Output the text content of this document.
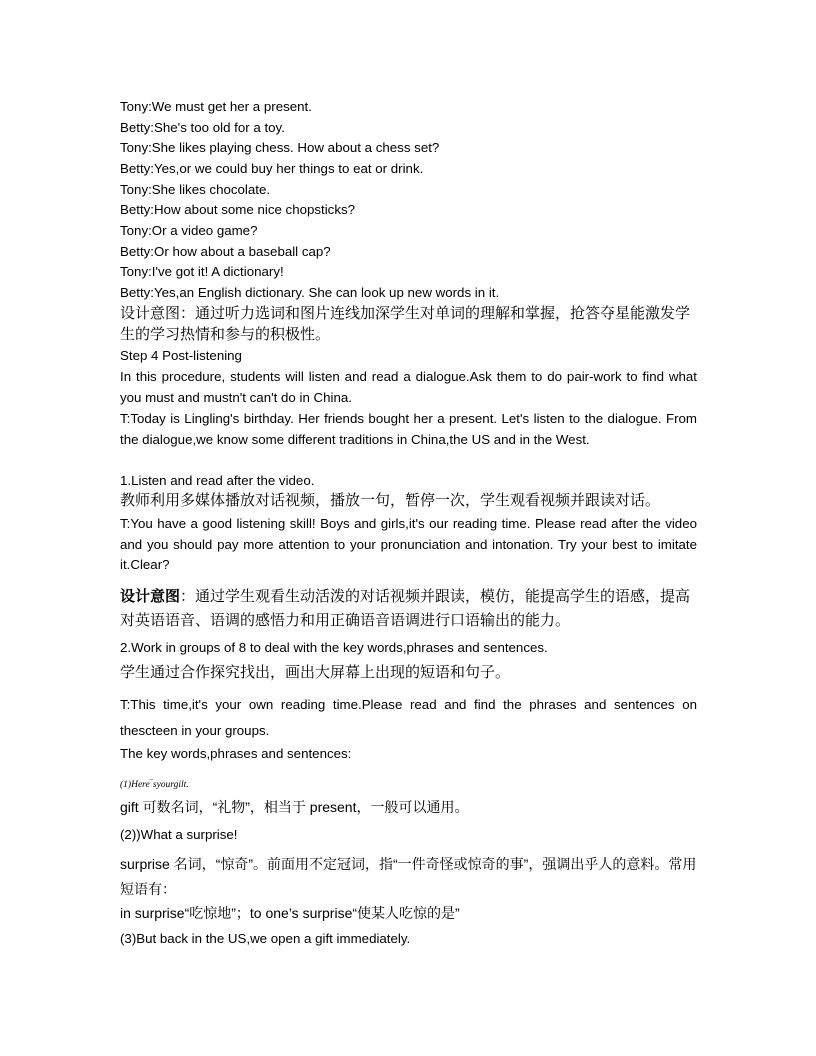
Tony:We must get her a present.

Betty:She's too old for a toy.

Tony:She likes playing chess. How about a chess set?

Betty:Yes,or we could buy her things to eat or drink.

Tony:She likes chocolate.

Betty:How about some nice chopsticks?

Tony:Or a video game?

Betty:Or how about a baseball cap?

Tony:I've got it! A dictionary!

Betty:Yes,an English dictionary. She can look up new words in it.

设计意图：通过听力选词和图片连线加深学生对单词的理解和掌握，抢答夺星能激发学生的学习热情和参与的积极性。

Step 4 Post-listening

In this procedure, students will listen and read a dialogue.Ask them to do pair-work to find what you must and mustn't can't do in China.

T:Today is Lingling's birthday. Her friends bought her a present. Let's listen to the dialogue. From the dialogue,we know some different traditions in China,the US and in the West.

1.Listen and read after the video.

教师利用多媒体播放对话视频，播放一句，暂停一次，学生观看视频并跟读对话。

T:You have a good listening skill! Boys and girls,it's our reading time. Please read after the video and you should pay more attention to your pronunciation and intonation. Try your best to imitate it.Clear?

设计意图：通过学生观看生动活泼的对话视频并跟读，模仿，能提高学生的语感，提高对英语语音、语调的感悟力和用正确语音语调进行口语输出的能力。

2.Work in groups of 8 to deal with the key words,phrases and sentences.

学生通过合作探究找出，画出大屏幕上出现的短语和句子。

T:This time,it's your own reading time.Please read and find the phrases and sentences on thescteen in your groups.

The key words,phrases and sentences:

(1)Here‾syourgilt.

gift 可数名词，“礼物”，相当于 present，一般可以通用。

(2))What a surprise!

surprise 名词，“惊奇”。前面用不定冠词，指“一件奇怪或惊奇的事”，强调出乎人的意料。常用短语有：

in surprise“吃惊地”；to one’s surprise“使某人吃惊的是”

(3)But back in the US,we open a gift immediately.
